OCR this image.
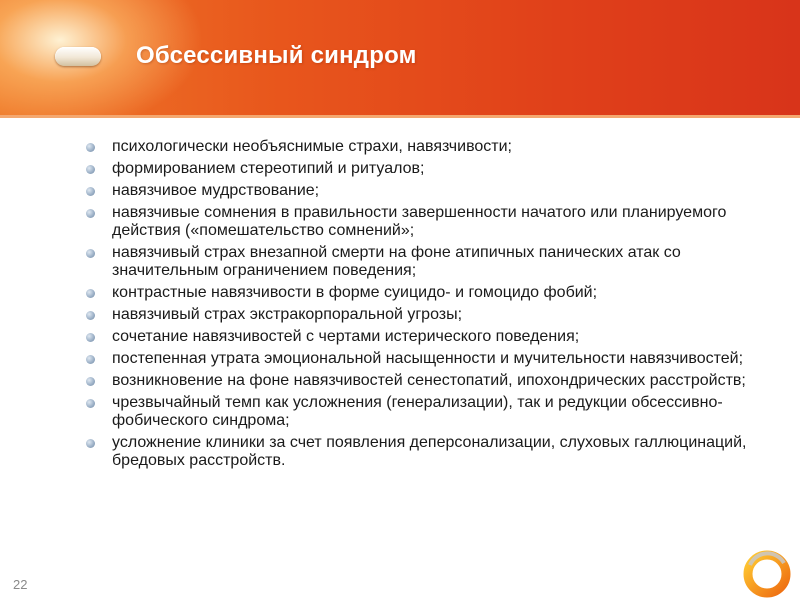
Обсессивный синдром
психологически необъяснимые страхи, навязчивости;
формированием стереотипий и ритуалов;
навязчивое мудрствование;
навязчивые сомнения в правильности завершенности начатого или планируемого действия («помешательство сомнений»;
навязчивый страх внезапной смерти на фоне атипичных панических атак со значительным ограничением поведения;
контрастные навязчивости в форме суицидо- и гомоцидо фобий;
навязчивый страх экстракорпоральной угрозы;
сочетание навязчивостей с чертами истерического поведения;
постепенная утрата эмоциональной насыщенности и мучительности навязчивостей;
возникновение на фоне навязчивостей сенестопатий, ипохондрических расстройств;
чрезвычайный темп как усложнения (генерализации), так и редукции обсессивно-фобического синдрома;
усложнение клиники за счет появления деперсонализации, слуховых галлюцинаций, бредовых расстройств.
22
